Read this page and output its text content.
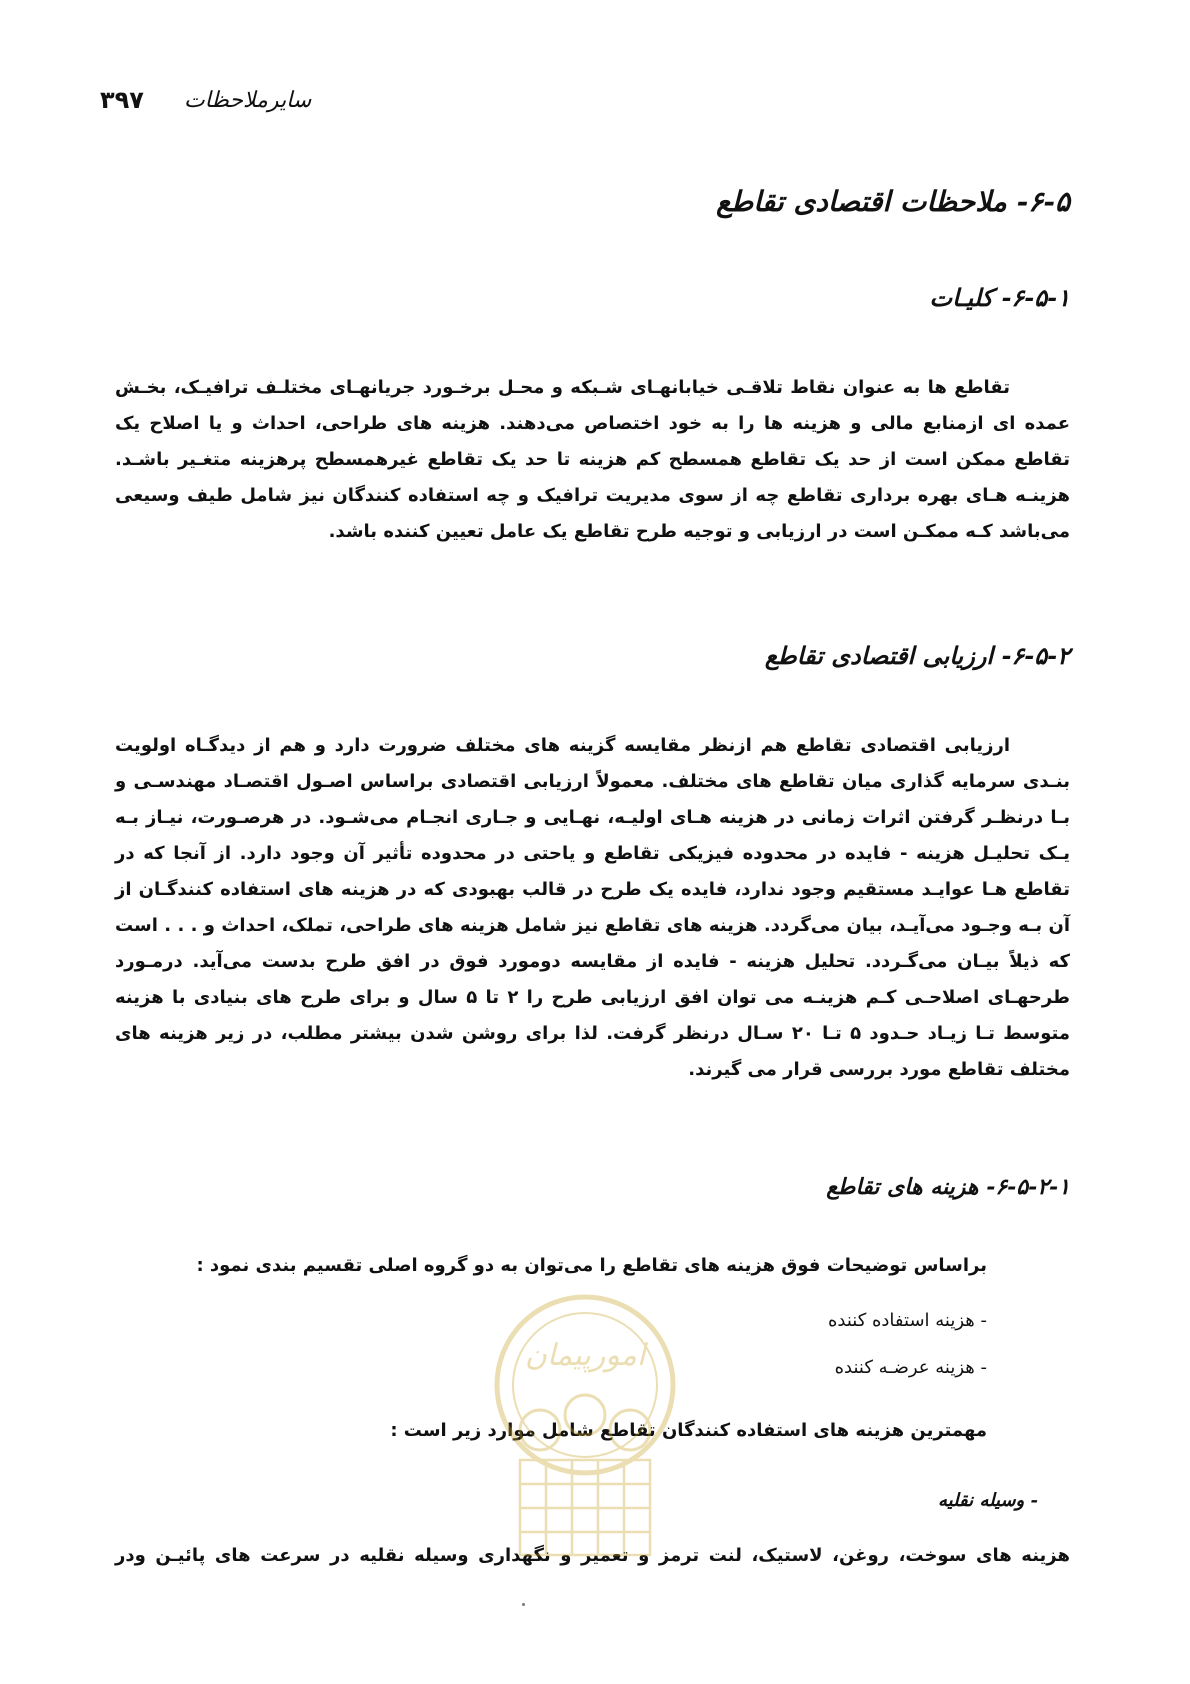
۳۹۷ سایرملاحظات
۶-۵- ملاحظات اقتصادی تقاطع
۶-۵-۱- کلیـات

تقاطع ها به عنوان نقاط تلاقـی خیابانهـای شـبکه و محـل برخـورد جریانهـای مختلـف ترافیـک، بخـش عمده ای ازمنابع مالی و هزینه ها را به خود اختصاص می‌دهند. هزینه های طراحی، احداث و یا اصلاح یک تقاطع ممکن است از حد یک تقاطع همسطح کم هزینه تا حد یک تقاطع غیرهمسطح پرهزینه متغـیر باشـد. هزینـه هـای بهره برداری تقاطع چه از سوی مدیریت ترافیک و چه استفاده کنندگان نیز شامل طیف وسیعی می‌باشد کـه ممکـن است در ارزیابی و توجیه طرح تقاطع یک عامل تعیین کننده باشد.

۶-۵-۲- ارزیابی اقتصادی تقاطع

ارزیابی اقتصادی تقاطع هم ازنظر مقایسه گزینه های مختلف ضرورت دارد و هم از دیدگـاه اولویت بنـدی سرمایه گذاری میان تقاطع های مختلف. معمولاً ارزیابی اقتصادی براساس اصـول اقتصـاد مهندسـی و بـا درنظـر گرفتن اثرات زمانی در هزینه هـای اولیـه، نهـایی و جـاری انجـام می‌شـود. در هرصـورت، نیـاز بـه یـک تحلیـل هزینه - فایده در محدوده فیزیکی تقاطع و یاحتی در محدوده تأثیر آن وجود دارد. از آنجا که در تقاطع هـا عوایـد مستقیم وجود ندارد، فایده یک طرح در قالب بهبودی که در هزینه های استفاده کنندگـان از آن بـه وجـود می‌آیـد، بیان می‌گردد. هزینه های تقاطع نیز شامل هزینه های طراحی، تملک، احداث و . . . است که ذیلاً بیـان می‌گـردد. تحلیل هزینه - فایده از مقایسه دومورد فوق در افق طرح بدست می‌آید. درمـورد طرحهـای اصلاحـی کـم هزینـه می توان افق ارزیابی طرح را ۲ تا ۵ سال و برای طرح های بنیادی با هزینه متوسط تـا زیـاد حـدود ۵ تـا ۲۰ سـال درنظر گرفت. لذا برای روشن شدن بیشتر مطلب، در زیر هزینه های مختلف تقاطع مورد بررسی قرار می گیرند.

۶-۵-۲-۱- هزینه های تقاطع
براساس توضیحات فوق هزینه های تقاطع را می‌توان به دو گروه اصلی تقسیم بندی نمود :
- هزینه استفاده کننده
- هزینه عرضـه کننده
مهمترین هزینه های استفاده کنندگان تقاطع شامل موارد زیر است :
- وسیله نقلیه
هزینه های سوخت، روغن، لاستیک، لنت ترمز و تعمیر و نگهداری وسیله نقلیه در سرعت های پائیـن ودر
امورپیمان
